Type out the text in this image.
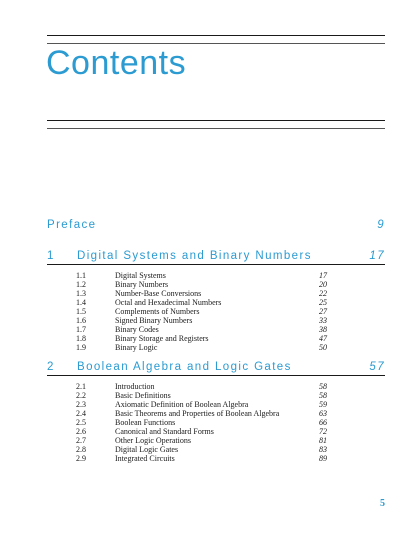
Contents
Preface	9
1 Digital Systems and Binary Numbers	17
1.1	Digital Systems	17
1.2	Binary Numbers	20
1.3	Number-Base Conversions	22
1.4	Octal and Hexadecimal Numbers	25
1.5	Complements of Numbers	27
1.6	Signed Binary Numbers	33
1.7	Binary Codes	38
1.8	Binary Storage and Registers	47
1.9	Binary Logic	50
2 Boolean Algebra and Logic Gates	57
2.1	Introduction	58
2.2	Basic Definitions	58
2.3	Axiomatic Definition of Boolean Algebra	59
2.4	Basic Theorems and Properties of Boolean Algebra	63
2.5	Boolean Functions	66
2.6	Canonical and Standard Forms	72
2.7	Other Logic Operations	81
2.8	Digital Logic Gates	83
2.9	Integrated Circuits	89
5
